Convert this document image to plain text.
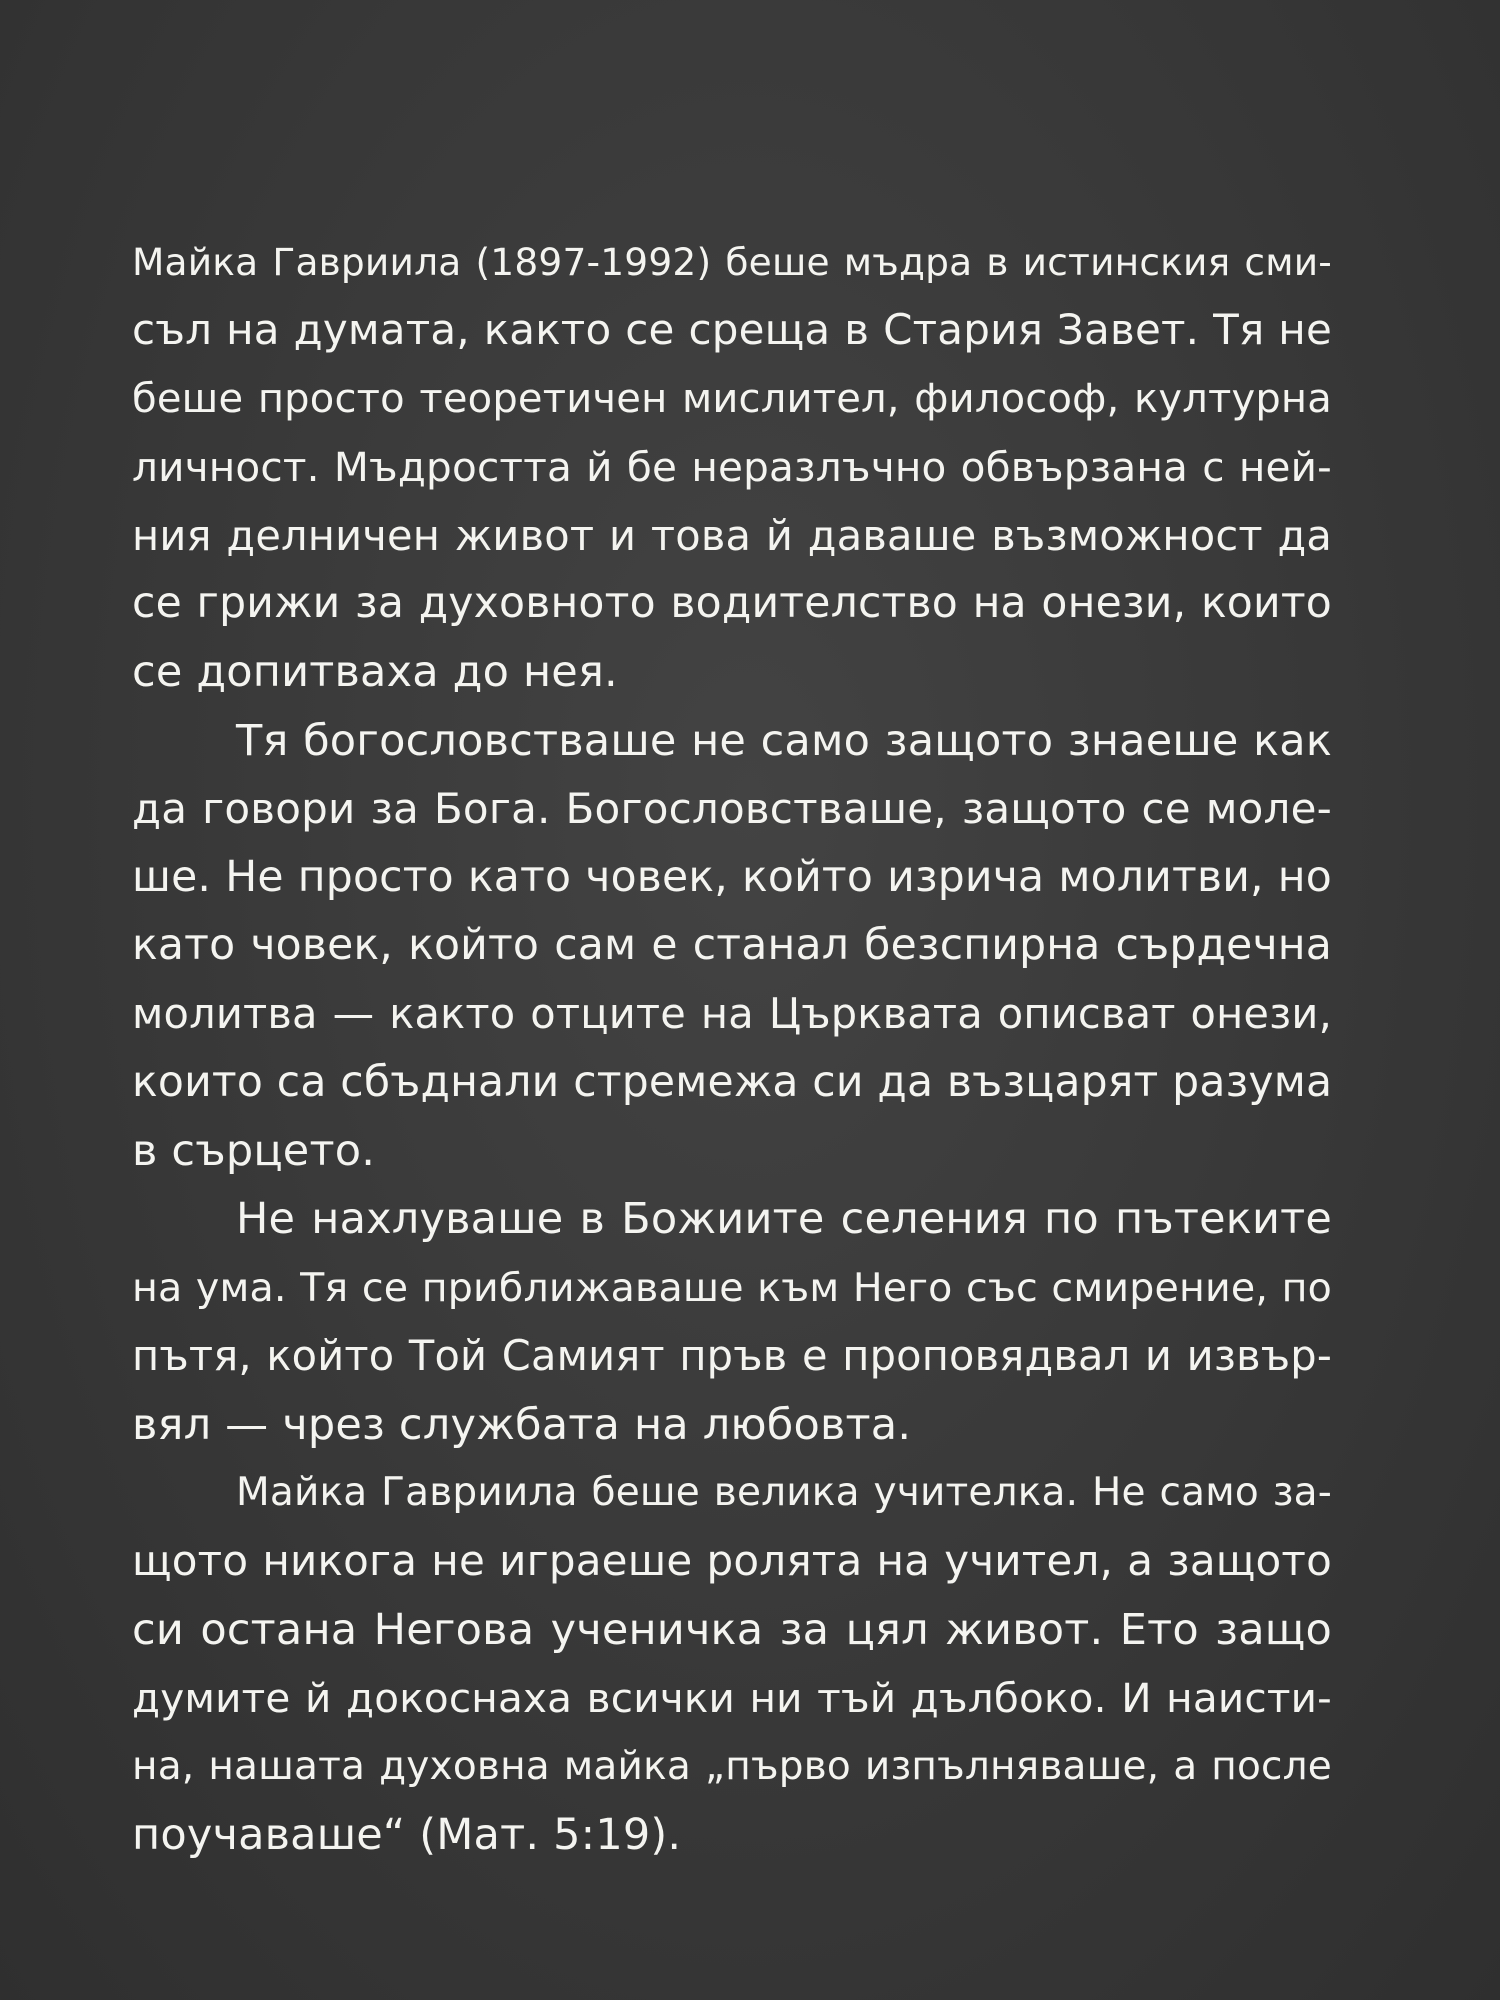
Майка Гавриила (1897-1992) беше мъдра в истинския сми-
съл на думата, както се среща в Стария Завет. Тя не
беше просто теоретичен мислител, философ, културна
личност. Мъдростта й бе неразлъчно обвързана с ней-
ния делничен живот и това й даваше възможност да
се грижи за духовното водителство на онези, които
се допитваха до нея.
Тя богословстваше не само защото знаеше как
да говори за Бога. Богословстваше, защото се моле-
ше. Не просто като човек, който изрича молитви, но
като човек, който сам е станал безспирна сърдечна
молитва — както отците на Църквата описват онези,
които са сбъднали стремежа си да възцарят разума
в сърцето.
Не нахлуваше в Божиите селения по пътеките
на ума. Тя се приближаваше към Него със смирение, по
пътя, който Той Самият пръв е проповядвал и извър-
вял — чрез службата на любовта.
Майка Гавриила беше велика учителка. Не само за-
щото никога не играеше ролята на учител, а защото
си остана Негова ученичка за цял живот. Ето защо
думите й докоснаха всички ни тъй дълбоко. И наисти-
на, нашата духовна майка „първо изпълняваше, а после
поучаваше“ (Мат. 5:19).
